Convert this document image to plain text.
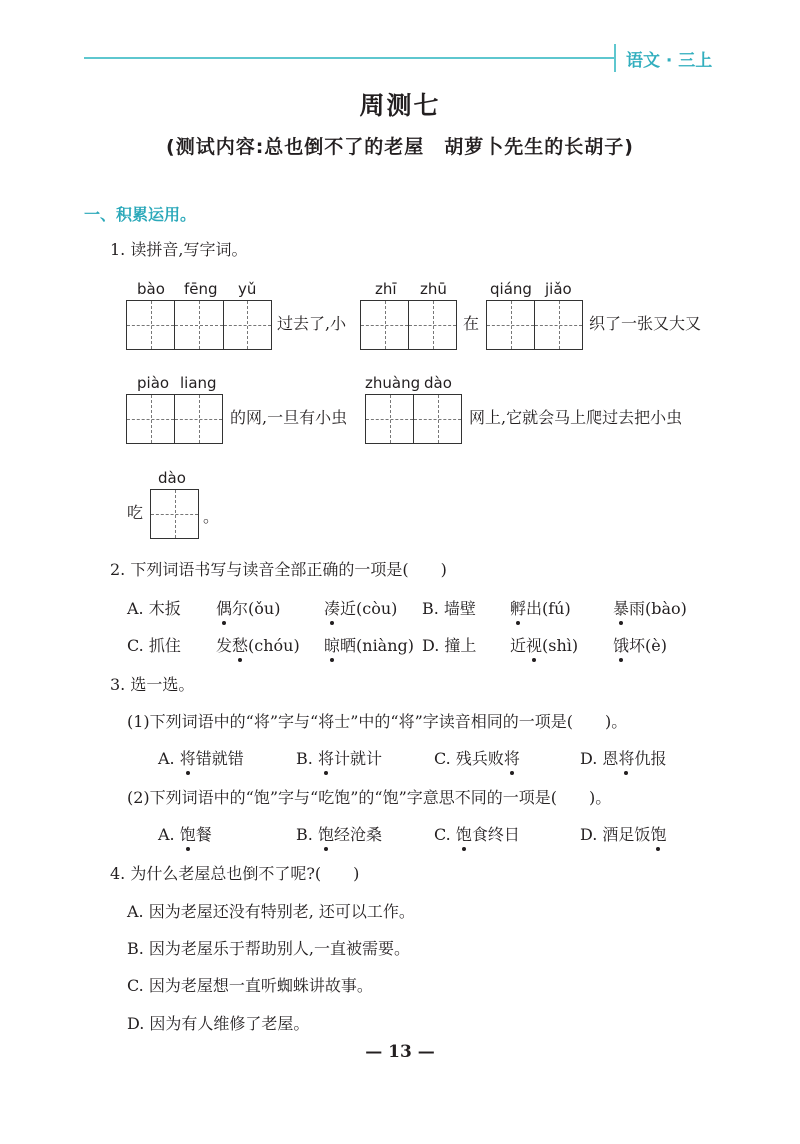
语文 · 三上
周测七
(测试内容:总也倒不了的老屋　胡萝卜先生的长胡子)
一、积累运用。
1. 读拼音,写字词。
bào fēng yǔ	zhī zhū	qiáng jiǎo
过去了,小	在	织了一张又大又
piào liang	zhuàng dào
的网,一旦有小虫	网上,它就会马上爬过去把小虫
dào
吃	。
2. 下列词语书写与读音全部正确的一项是(　　)
A. 木扳 偶尔(ǒu)	凑近(còu) B. 墙壁 孵出(fú)	暴雨(bào)
C. 抓住 发愁(chóu) 晾晒(niàng) D. 撞上 近视(shì) 饿坏(è)
3. 选一选。
(1)下列词语中的“将”字与“将士”中的“将”字读音相同的一项是(　　)。
A. 将错就错	B. 将计就计	C. 残兵败将	D. 恩将仇报
(2)下列词语中的“饱”字与“吃饱”的“饱”字意思不同的一项是(　　)。
A. 饱餐	B. 饱经沧桑	C. 饱食终日	D. 酒足饭饱
4. 为什么老屋总也倒不了呢?(　　)
A. 因为老屋还没有特别老, 还可以工作。
B. 因为老屋乐于帮助别人,一直被需要。
C. 因为老屋想一直听蜘蛛讲故事。
D. 因为有人维修了老屋。
— 13 —
